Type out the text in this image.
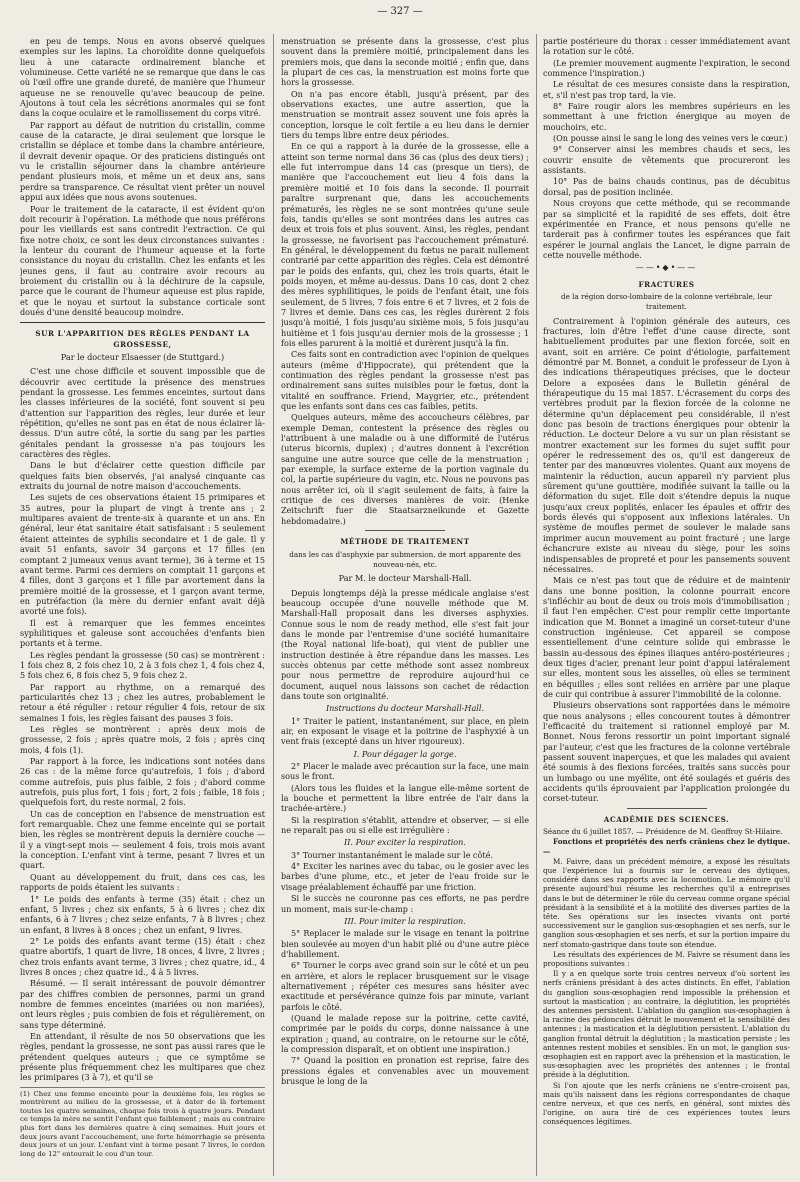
— 327 —

en peu de temps. Nous en avons observé quelques exemples sur les lapins. La choroïdite donne quelquefois lieu à une cataracte ordinairement blanche et volumineuse. Cette variété ne se remarque que dans le cas où l'œil offre une grande dureté, de manière que l'humeur aqueuse ne se renouvelle qu'avec beaucoup de peine. Ajoutons à tout cela les sécrétions anormales qui se font dans la coque oculaire et le ramollissement du corps vitré.

Par rapport au défaut de nutrition du cristallin, comme cause de la cataracte, je dirai seulement que lorsque le cristallin se déplace et tombe dans la chambre antérieure, il devrait devenir opaque. Or des praticiens distingués ont vu le cristallin séjourner dans la chambre antérieure pendant plusieurs mois, et même un et deux ans, sans perdre sa transparence. Ce résultat vient prêter un nouvel appui aux idées que nous avons soutenues.

Pour le traitement de la cataracte, il est évident qu'on doit recourir à l'opération. La méthode que nous préférons pour les vieillards est sans contredit l'extraction. Ce qui fixe notre choix, ce sont les deux circonstances suivantes : la lenteur du courant de l'humeur aqueuse et la forte consistance du noyau du cristallin. Chez les enfants et les jeunes gens, il faut au contraire avoir recours au broiement du cristallin ou à la déchirure de la capsule, parce que le courant de l'humeur aqueuse est plus rapide, et que le noyau et surtout la substance corticale sont doués d'une densité beaucoup moindre.

SUR L'APPARITION DES RÈGLES PENDANT LA GROSSESSE,

Par le docteur Elsaesser (de Stuttgard.)

C'est une chose difficile et souvent impossible que de découvrir avec certitude la présence des menstrues pendant la grossesse. Les femmes enceintes, surtout dans les classes inférieures de la société, font souvent si peu d'attention sur l'apparition des règles, leur durée et leur répétition, qu'elles ne sont pas en état de nous éclairer là-dessus. D'un autre côté, la sortie du sang par les parties génitales pendant la grossesse n'a pas toujours les caractères des règles.

Dans le but d'éclairer cette question difficile par quelques faits bien observés, j'ai analysé cinquante cas extraits du journal de notre maison d'accouchements.

Les sujets de ces observations étaient 15 primipares et 35 autres, pour la plupart de vingt à trente ans ; 2 multipares avaient de trente-six à quarante et un ans. En général, leur état sanitaire était satisfaisant : 5 seulement étaient atteintes de syphilis secondaire et 1 de gale. Il y avait 51 enfants, savoir 34 garçons et 17 filles (en comptant 2 jumeaux venus avant terme), 36 à terme et 15 avant terme. Parmi ces derniers on comptait 11 garçons et 4 filles, dont 3 garçons et 1 fille par avortement dans la première moitié de la grossesse, et 1 garçon avant terme, en putréfaction (la mère du dernier enfant avait déjà avorté une fois).

Il est à remarquer que les femmes enceintes syphilitiques et galeuse sont accouchées d'enfants bien portants et à terme.

Les règles pendant la grossesse (50 cas) se montrèrent : 1 fois chez 8, 2 fois chez 10, 2 à 3 fois chez 1, 4 fois chez 4, 5 fois chez 6, 8 fois chez 5, 9 fois chez 2.

Par rapport au rhythme, on a remarqué des particularités chez 13 ; chez les autres, probablement le retour a été régulier : retour régulier 4 fois, retour de six semaines 1 fois, les règles faisant des pauses 3 fois.

Les règles se montrèrent : après deux mois de grossesse, 2 fois ; après quatre mois, 2 fois ; après cinq mois, 4 fois (1).

Par rapport à la force, les indications sont notées dans 26 cas : de la même force qu'autrefois, 1 fois ; d'abord comme autrefois, puis plus faible, 2 fois ; d'abord comme autrefois, puis plus fort, 1 fois ; fort, 2 fois ; faible, 18 fois ; quelquefois fort, du reste normal, 2 fois.

Un cas de conception en l'absence de menstruation est fort remarquable. Chez une femme enceinte qui se portait bien, les règles se montrèrent depuis la dernière couche — il y a vingt-sept mois — seulement 4 fois, trois mois avant la conception. L'enfant vint à terme, pesant 7 livres et un quart.

Quant au développement du fruit, dans ces cas, les rapports de poids étaient les suivants :

1° Le poids des enfants à terme (35) était : chez un enfant, 5 livres ; chez six enfants, 5 à 6 livres ; chez dix enfants, 6 à 7 livres ; chez seize enfants, 7 à 8 livres ; chez un enfant, 8 livres à 8 onces ; chez un enfant, 9 livres.

2° Le poids des enfants avant terme (15) était : chez quatre abortifs, 1 quart de livre, 18 onces, 4 livre, 2 livres ; chez trois enfants avant terme, 3 livres ; chez quatre, id., 4 livres 8 onces ; chez quatre id., 4 à 5 livres.

Résumé. — Il serait intéressant de pouvoir démontrer par des chiffres combien de personnes, parmi un grand nombre de femmes enceintes (mariées ou non mariées), ont leurs règles ; puis combien de fois et régulièrement, on sans type déterminé.

En attendant, il résulte de nos 50 observations que les règles, pendant la grossesse, ne sont pas aussi rares que le prétendent quelques auteurs ; que ce symptôme se présente plus fréquemment chez les multipares que chez les primipares (3 à 7), et qu'il se

(1) Chez une femme enceinte pour la deuxième fois, les règles se montrèrent au milieu de la grossesse, et à dater de là fortement toutes les quatre semaines, chaque fois trois à quatre jours. Pendant ce temps la mère ne sentit l'enfant que faiblement ; mais au contraire plus fort dans les dernières quatre à cinq semaines. Huit jours et deux jours avant l'accouchement, une forte hémorrhagie se présenta deux jours et un jour. L'enfant vint à terme pesant 7 livres, le cordon long de 12" entourait le cou d'un tour.

menstruation se présente dans la grossesse, c'est plus souvent dans la première moitié, principalement dans les premiers mois, que dans la seconde moitié ; enfin que, dans la plupart de ces cas, la menstruation est moins forte que hors la grossesse.

On n'a pas encore établi, jusqu'à présent, par des observations exactes, une autre assertion, que la menstruation se montrait assez souvent une fois après la conception, lorsque le coït fertile a eu lieu dans le dernier tiers du temps libre entre deux périodes.

En ce qui a rapport à la durée de la grossesse, elle a atteint son terme normal dans 36 cas (plus des deux tiers) ; elle fut interrompue dans 14 cas (presque un tiers), de manière que l'accouchement eut lieu 4 fois dans la première moitié et 10 fois dans la seconde. Il pourrait paraître surprenant que, dans les accouchements prématurés, les règles ne se sont montrées qu'une seule fois, tandis qu'elles se sont montrées dans les autres cas deux et trois fois et plus souvent. Ainsi, les règles, pendant la grossesse, ne favorisent pas l'accouchement prématuré. En général, le développement du fœtus ne parait nullement contrarié par cette apparition des règles. Cela est démontré par le poids des enfants, qui, chez les trois quarts, était le poids moyen, et même au-dessus. Dans 10 cas, dont 2 chez des mères syphilitiques, le poids de l'enfant était, une fois seulement, de 5 livres, 7 fois entre 6 et 7 livres, et 2 fois de 7 livres et demie. Dans ces cas, les règles durèrent 2 fois jusqu'à moitié, 1 fois jusqu'au sixième mois, 5 fois jusqu'au huitième et 1 fois jusqu'au dernier mois de la grossesse ; 1 fois elles parurent à la moitié et durèrent jusqu'à la fin.

Ces faits sont en contradiction avec l'opinion de quelques auteurs (même d'Hippocrate), qui prétendent que la continuation des règles pendant la grossesse n'est pas ordinairement sans suites nuisibles pour le fœtus, dont la vitalité en souffrance. Friend, Maygrier, etc., prétendent que les enfants sont dans ces cas faibles, petits.

Quelques auteurs, même des accoucheurs célèbres, par exemple Deman, contestent la présence des règles ou l'attribuent à une maladie ou à une difformité de l'utérus (uterus bicornis, duplex) ; d'autres donnent à l'excrétion sanguine une autre source que celle de la menstruation ; par exemple, la surface externe de la portion vaginale du col, la partie supérieure du vagin, etc. Nous ne pouvons pas nous arrêter ici, où il s'agit seulement de faits, à faire la critique de ces diverses manières de voir. (Henke Zeitschrift fuer die Staatsarzneikunde et Gazette hebdomadaire.)

MÉTHODE DE TRAITEMENT

dans les cas d'asphyxie par submersion, de mort apparente des nouveau-nés, etc.

Par M. le docteur Marshall-Hall.

Depuis longtemps déjà la presse médicale anglaise s'est beaucoup occupée d'une nouvelle méthode que M. Marshall-Hall proposait dans les diverses asphyxies. Connue sous le nom de ready method, elle s'est fait jour dans le monde par l'entremise d'une société humanitaire (the Royal national life-boat), qui vient de publier une instruction destinée à être répandue dans les masses. Les succès obtenus par cette méthode sont assez nombreux pour nous permettre de reproduire aujourd'hui ce document, auquel nous laissons son cachet de rédaction dans toute son originalité.

Instructions du docteur Marshall-Hall.

1° Traiter le patient, instantanément, sur place, en plein air, en exposant le visage et la poitrine de l'asphyxié à un vent frais (excepté dans un hiver rigoureux).

I. Pour dégager la gorge.

2° Placer le malade avec précaution sur la face, une main sous le front.

(Alors tous les fluides et la langue elle-même sortent de la bouche et permettent la libre entrée de l'air dans la trachée-artère.)

Si la respiration s'établit, attendre et observer, — si elle ne reparaît pas ou si elle est irrégulière :

II. Pour exciter la respiration.

3° Tourner instantanément le malade sur le côté.

4° Exciter les narines avec du tabac, ou le gosier avec les barbes d'une plume, etc., et jeter de l'eau froide sur le visage préalablement échauffé par une friction.

Si le succès ne couronne pas ces efforts, ne pas perdre un moment, mais sur-le-champ :

III. Pour imiter la respiration.

5° Replacer le malade sur le visage en tenant la poitrine bien soulevée au moyen d'un habit plié ou d'une autre pièce d'habillement.

6° Tourner le corps avec grand soin sur le côté et un peu en arrière, et alors le replacer brusquement sur le visage alternativement ; répéter ces mesures sans hésiter avec exactitude et persévérance quinze fois par minute, variant parfois le côté.

(Quand le malade repose sur la poitrine, cette cavité, comprimée par le poids du corps, donne naissance à une expiration ; quand, au contraire, on le retourne sur le côté, la compression disparaît, et on obtient une inspiration.)

7° Quand la position en pronation est reprise, faire des pressions égales et convenables avec un mouvement brusque le long de la

partie postérieure du thorax : cesser immédiatement avant la rotation sur le côté.

(Le premier mouvement augmente l'expiration, le second commence l'inspiration.)

Le résultat de ces mesures consiste dans la respiration, et, s'il n'est pas trop tard, la vie.

8° Faire rougir alors les membres supérieurs en les sommettant à une friction énergique au moyen de mouchoirs, etc.

(On pousse ainsi le sang le long des veines vers le cœur.)

9° Conserver ainsi les membres chauds et secs, les couvrir ensuite de vêtements que procureront les assistants.

10° Pas de bains chauds continus, pas de décubitus dorsal, pas de position inclinée.

Nous croyons que cette méthode, qui se recommande par sa simplicité et la rapidité de ses effets, doit être expérimentée en France, et nous pensons qu'elle ne tarderait pas à confirmer toutes les espérances que fait espérer le journal anglais the Lancet, le digne parrain de cette nouvelle méthode.

——•◆•——

FRACTURES

de la région dorso-lombaire de la colonne vertébrale, leur traitement.

Contrairement à l'opinion générale des auteurs, ces fractures, loin d'être l'effet d'une cause directe, sont habituellement produites par une flexion forcée, soit en avant, soit en arrière. Ce point d'étiologie, parfaitement démontré par M. Bonnet, a conduit le professeur de Lyon à des indications thérapeutiques précises, que le docteur Delore a exposées dans le Bulletin général de thérapeutique du 15 mai 1857. L'écrasement du corps des vertèbres produit par la flexion forcée de la colonne ne détermine qu'un déplacement peu considérable, il n'est donc pas besoin de tractions énergiques pour obtenir la réduction. Le docteur Delore a vu sur un plan résistant se montrer exactement sur les formes du sujet suffit pour opérer le redressement des os, qu'il est dangereux de tenter par des manœuvres violentes. Quant aux moyens de maintenir la réduction, aucun appareil n'y parvient plus sûrement qu'une gouttière, modifiée suivant la taille ou la déformation du sujet. Elle doit s'étendre depuis la nuque jusqu'aux creux poplités, enlacer les épaules et offrir des bords élevés qui s'opposent aux inflexions latérales. Un système de moufles permet de soulever le malade sans imprimer aucun mouvement au point fracturé ; une large échancrure existe au niveau du siège, pour les soins indispensables de propreté et pour les pansements souvent nécessaires.

Mais ce n'est pas tout que de réduire et de maintenir dans une bonne position, la colonne pourrait encore s'infléchir au bout de deux ou trois mois d'immobilisation ; il faut l'en empêcher. C'est pour remplir cette importante indication que M. Bonnet a imaginé un corset-tuteur d'une construction ingénieuse. Cet appareil se compose essentiellement d'une ceinture solide qui embrasse le bassin au-dessous des épines iliaques antéro-postérieures ; deux tiges d'acier, prenant leur point d'appui latéralement sur elles, montent sous les aisselles, où elles se terminent en béquilles ; elles sont reliées en arrière par une plaque de cuir qui contribue à assurer l'immobilité de la colonne.

Plusieurs observations sont rapportées dans le mémoire que nous analysons ; elles concourent toutes à démontrer l'efficacité du traitement si rationnel employé par M. Bonnet. Nous ferons ressortir un point important signalé par l'auteur, c'est que les fractures de la colonne vertébrale passent souvent inaperçues, et que les malades qui avaient été soumis à des flexions forcées, traités sans succès pour un lumbago ou une myélite, ont été soulagés et guéris des accidents qu'ils éprouvaient par l'application prolongée du corset-tuteur.

ACADÉMIE DES SCIENCES.

Séance du 6 juillet 1857. — Présidence de M. Geoffroy St-Hilaire.

Fonctions et propriétés des nerfs crâniens chez le dytique. —

M. Faivre, dans un précédent mémoire, a exposé les résultats que l'expérience lui a fournis sur le cerveau des dytiques, considéré dans ses rapports avec la locomotion. Le mémoire qu'il présente aujourd'hui résume les recherches qu'il a entreprises dans le but de déterminer le rôle du cerveau comme organe spécial présidant à la sensibilité et à la motilité des diverses parties de la tête. Ses opérations sur les insectes vivants ont porté successivement sur le ganglion sus-œsophagien et ses nerfs, sur le ganglion sous-œsophagien et ses nerfs, et sur la portion impaire du nerf stomato-gastrique dans toute son étendue.

Les résultats des expériences de M. Faivre se résument dans les propositions suivantes :

Il y a en quelque sorte trois centres nerveux d'où sortent les nerfs crâniens présidant à des actes distincts. En effet, l'ablation du ganglion sous-œsophagien rend impossible la préhension et surtout la mastication ; au contraire, la déglutition, les propriétés des antennes persistent. L'ablation du ganglion sus-œsophagien à la racine des pédoncules détruit le mouvement et la sensibilité des antennes ; la mastication et la déglutition persistent. L'ablation du ganglion frontal détruit la déglutition ; la mastication persiste ; les antennes restent mobiles et sensibles. En un mot, le ganglion sus-œsophagien est en rapport avec la préhension et la mastication, le sus-œsophagien avec les propriétés des antennes ; le frontal préside à la déglutition.

Si l'on ajoute que les nerfs crâniens ne s'entre-croisent pas, mais qu'ils naissent dans les régions correspondantes de chaque centre nerveux, et que ces nerfs, en général, sont mixtes dès l'origine, on aura tiré de ces expériences toutes leurs conséquences légitimes.
